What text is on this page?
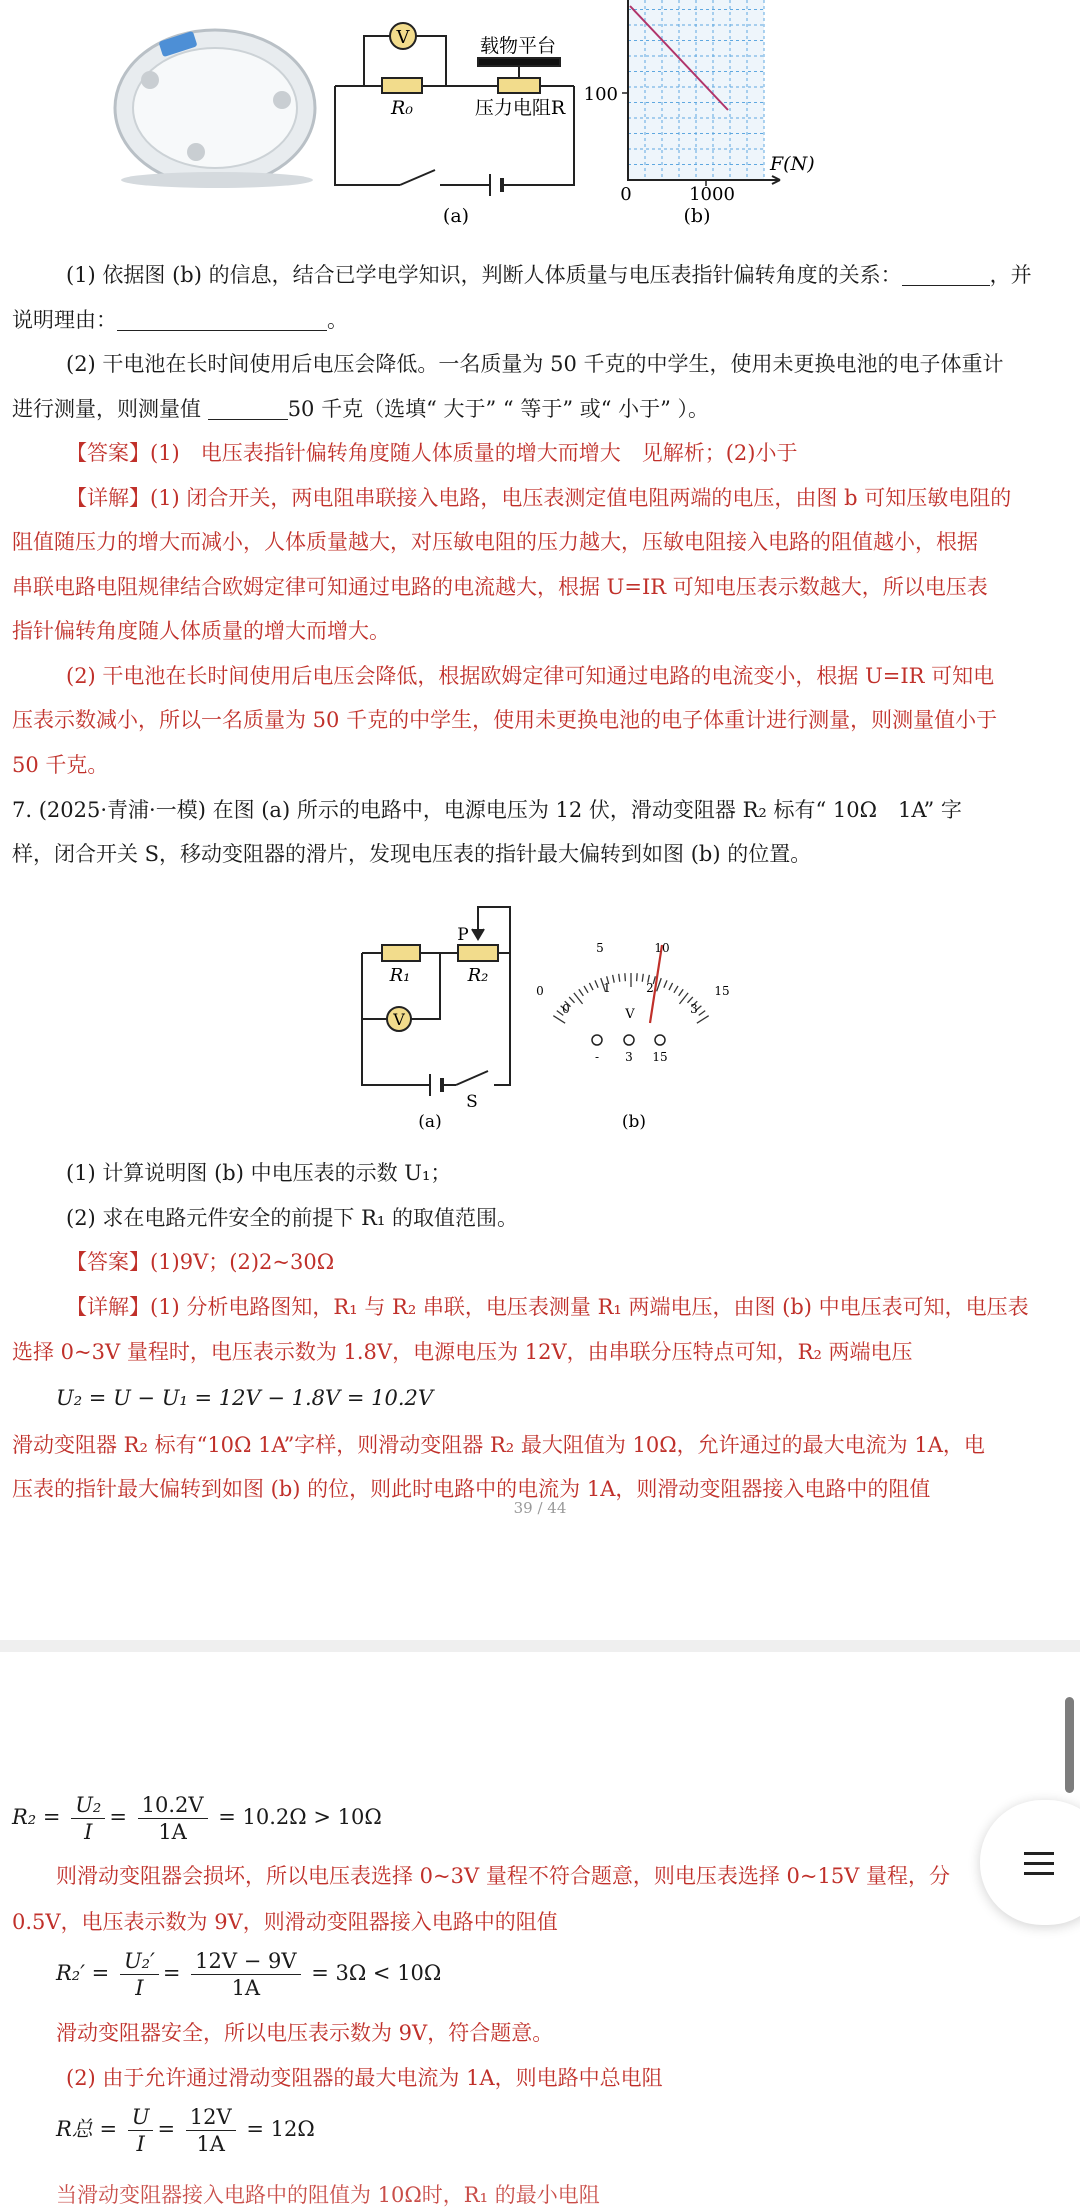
V
R₀
载物平台
压力电阻R
(a)
100
0	1000
F(N)
(b)
(1) 依据图 (b) 的信息，结合已学电学知识，判断人体质量与电压表指针偏转角度的关系：	，并
说明理由：	。
(2) 干电池在长时间使用后电压会降低。一名质量为 50 千克的中学生，使用未更换电池的电子体重计
进行测量，则测量值	50 千克（选填“ 大于” “ 等于” 或“ 小于” ）。
【答案】(1)　电压表指针偏转角度随人体质量的增大而增大　见解析；(2)小于
【详解】(1) 闭合开关，两电阻串联接入电路，电压表测定值电阻两端的电压，由图 b 可知压敏电阻的
阻值随压力的增大而减小，人体质量越大，对压敏电阻的压力越大，压敏电阻接入电路的阻值越小，根据
串联电路电阻规律结合欧姆定律可知通过电路的电流越大，根据 U=IR 可知电压表示数越大，所以电压表
指针偏转角度随人体质量的增大而增大。
(2) 干电池在长时间使用后电压会降低，根据欧姆定律可知通过电路的电流变小，根据 U=IR 可知电
压表示数减小，所以一名质量为 50 千克的中学生，使用未更换电池的电子体重计进行测量，则测量值小于
50 千克。
7. (2025·青浦·一模) 在图 (a) 所示的电路中，电源电压为 12 伏，滑动变阻器 R₂ 标有“ 10Ω　1A” 字
样，闭合开关 S，移动变阻器的滑片，发现电压表的指针最大偏转到如图 (b) 的位置。
P
R₁	R₂
V
S
(a)
0
5	10
15
0
1	2
3
V
- 3 15
(b)
(1) 计算说明图 (b) 中电压表的示数 U₁；
(2) 求在电路元件安全的前提下 R₁ 的取值范围。
【答案】(1)9V；(2)2~30Ω
【详解】(1) 分析电路图知，R₁ 与 R₂ 串联，电压表测量 R₁ 两端电压，由图 (b) 中电压表可知，电压表
选择 0~3V 量程时，电压表示数为 1.8V，电源电压为 12V，由串联分压特点可知，R₂ 两端电压
U₂ = U − U₁ = 12V − 1.8V = 10.2V
滑动变阻器 R₂ 标有“10Ω 1A”字样，则滑动变阻器 R₂ 最大阻值为 10Ω，允许通过的最大电流为 1A，电
压表的指针最大偏转到如图 (b) 的位，则此时电路中的电流为 1A，则滑动变阻器接入电路中的阻值
39 / 44
$R_2 = \frac{\text{U₂}}{I} = \frac{10.2V}{1A} = 10.2\Omega > 10\Omega$
则滑动变阻器会损坏，所以电压表选择 0~3V 量程不符合题意，则电压表选择 0~15V 量程，分
0.5V，电压表示数为 9V，则滑动变阻器接入电路中的阻值
$R_2' = \frac{\text{U₂′}}{I} = \frac{12V - 9V}{1A} = 3\Omega < 10\Omega$
滑动变阻器安全，所以电压表示数为 9V，符合题意。
(2) 由于允许通过滑动变阻器的最大电流为 1A，则电路中总电阻
R总 = $\frac{U}{I} = \frac{12V}{1A} = 12\Omega$
当滑动变阻器接入电路中的阻值为 10Ω时，R₁ 的最小电阻
